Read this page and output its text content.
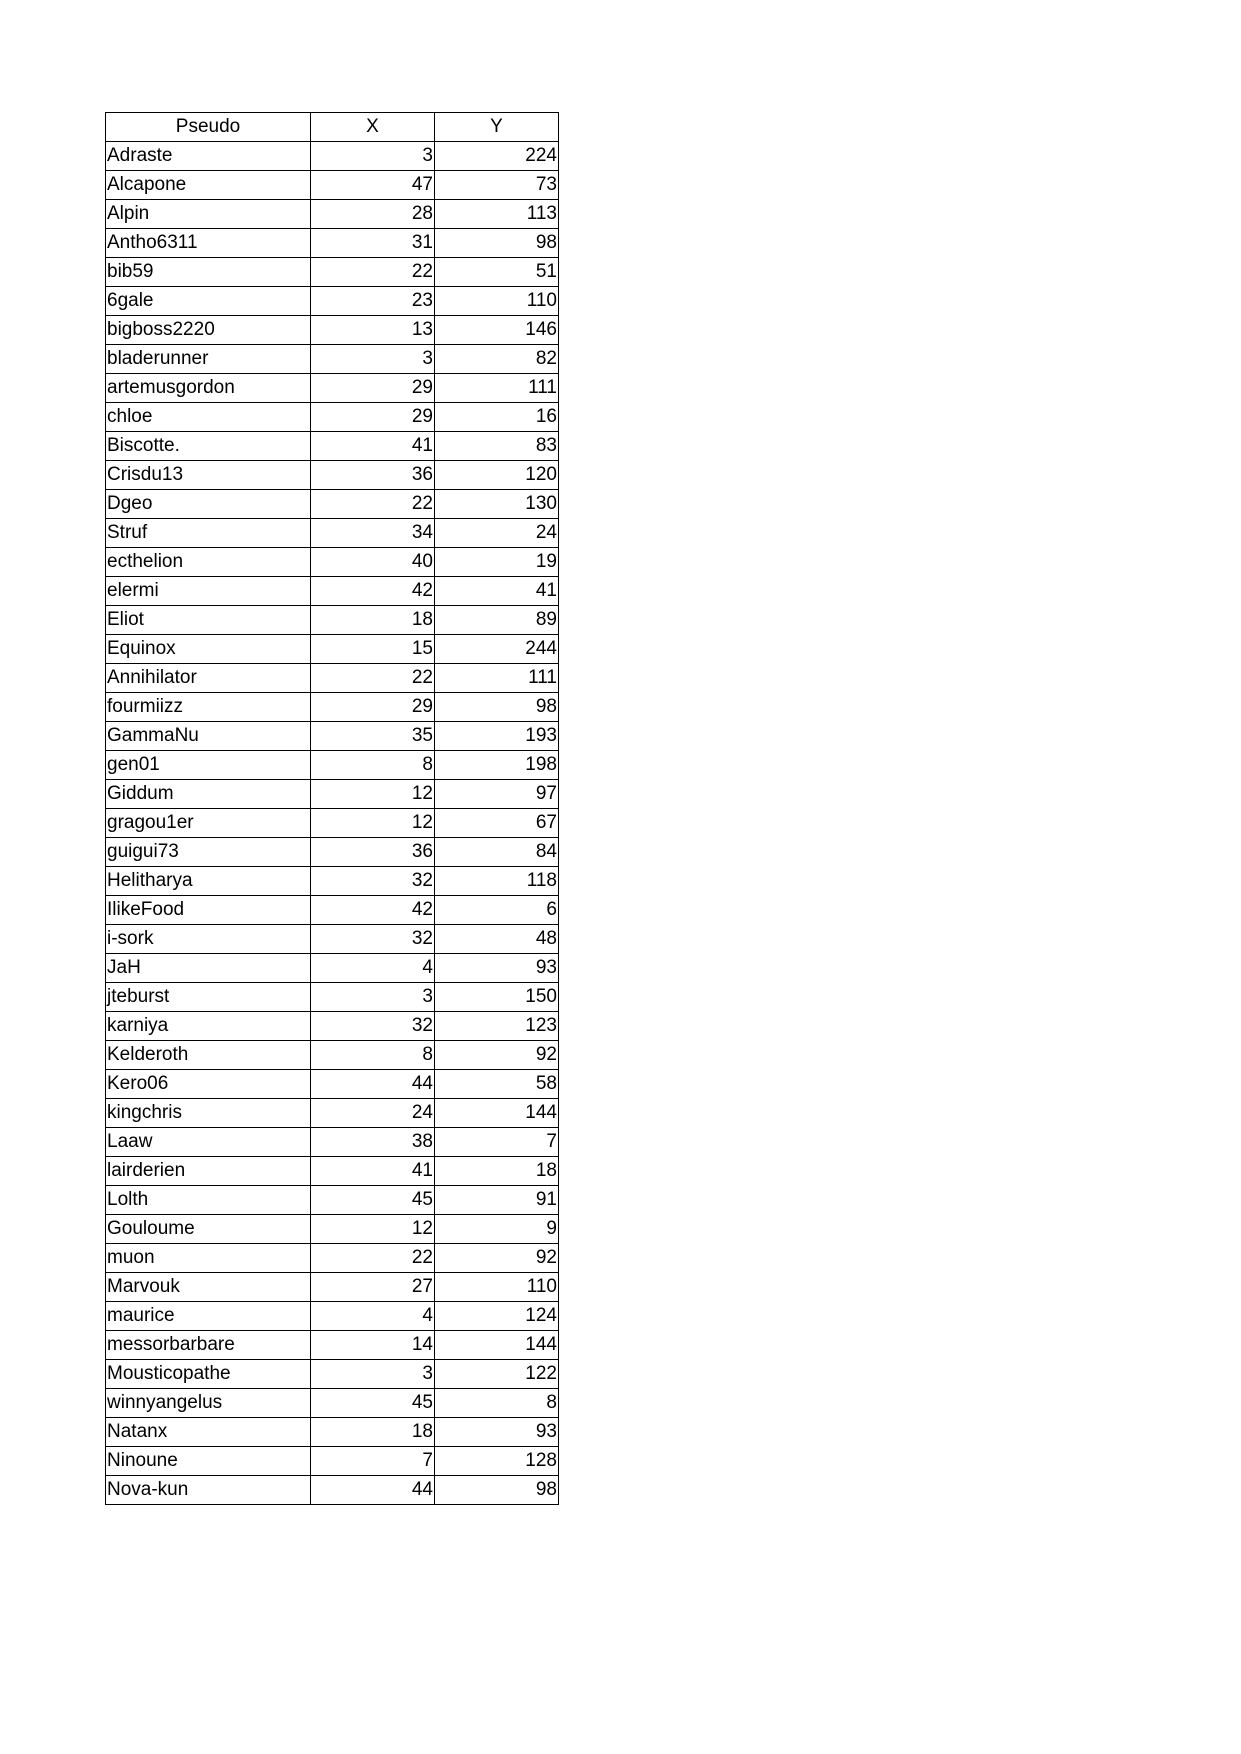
Pseudo	X	Y
Adraste	3	224
Alcapone	47	73
Alpin	28	113
Antho6311	31	98
bib59	22	51
6gale	23	110
bigboss2220	13	146
bladerunner	3	82
artemusgordon	29	111
chloe	29	16
Biscotte.	41	83
Crisdu13	36	120
Dgeo	22	130
Struf	34	24
ecthelion	40	19
elermi	42	41
Eliot	18	89
Equinox	15	244
Annihilator	22	111
fourmiizz	29	98
GammaNu	35	193
gen01	8	198
Giddum	12	97
gragou1er	12	67
guigui73	36	84
Helitharya	32	118
IlikeFood	42	6
i-sork	32	48
JaH	4	93
jteburst	3	150
karniya	32	123
Kelderoth	8	92
Kero06	44	58
kingchris	24	144
Laaw	38	7
lairderien	41	18
Lolth	45	91
Gouloume	12	9
muon	22	92
Marvouk	27	110
maurice	4	124
messorbarbare	14	144
Mousticopathe	3	122
winnyangelus	45	8
Natanx	18	93
Ninoune	7	128
Nova-kun	44	98
